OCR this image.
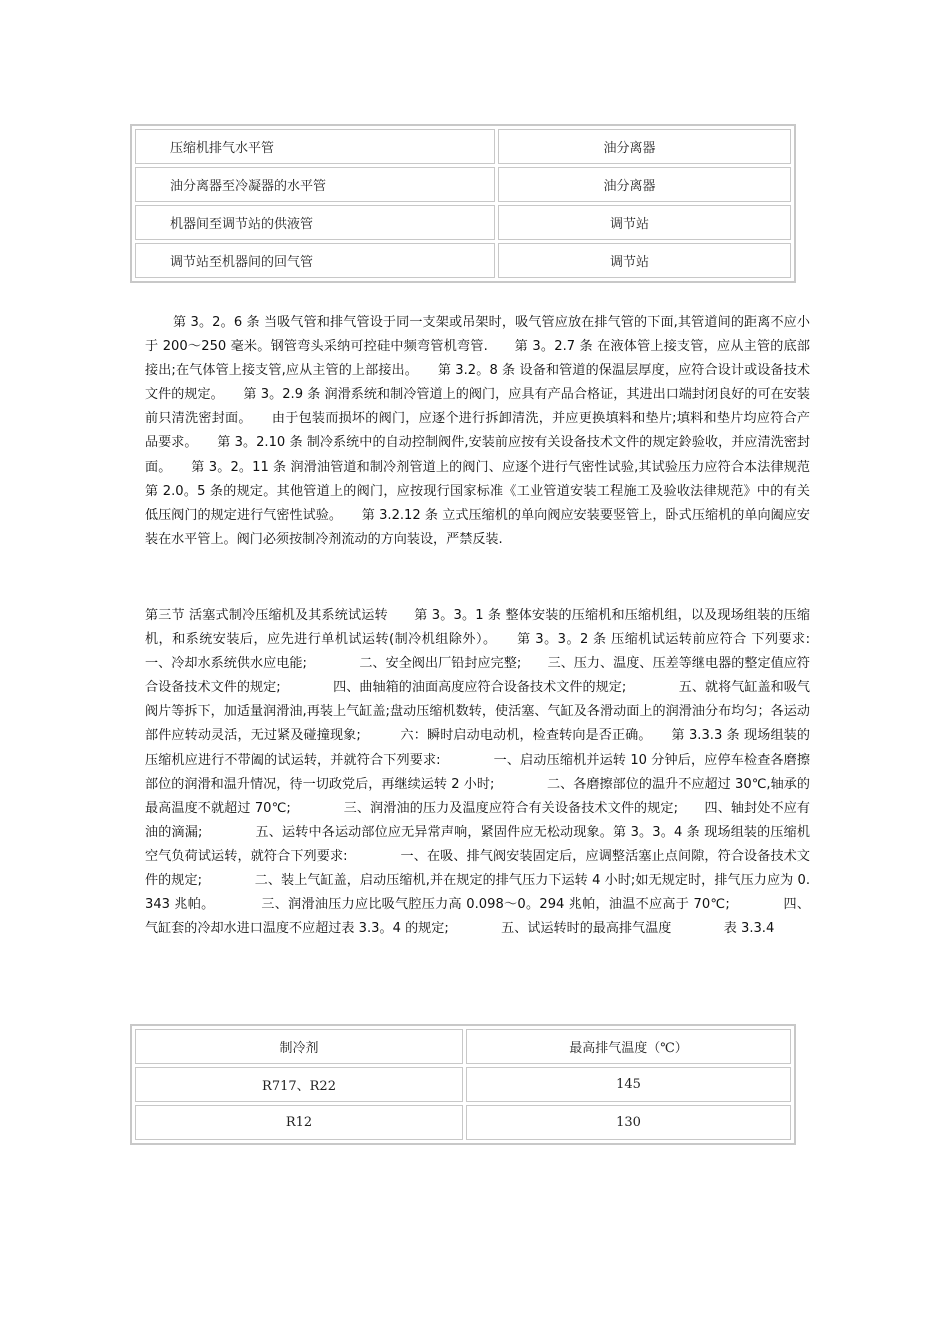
压缩机排气水平管	油分离器
油分离器至冷凝器的水平管	油分离器
机器间至调节站的供液管	调节站
调节站至机器间的回气管	调节站
第 3。2。6 条 当吸气管和排气管设于同一支架或吊架时，吸气管应放在排气管的下面,其管道间的距离不应小于 200～250 毫米。钢管弯头采纳可控硅中频弯管机弯管.　　第 3。2.7 条 在液体管上接支管，应从主管的底部接出;在气体管上接支管,应从主管的上部接出。　　第 3.2。8 条 设备和管道的保温层厚度，应符合设计或设备技术文件的规定。　　第 3。2.9 条 润滑系统和制冷管道上的阀门，应具有产品合格证，其进出口端封闭良好的可在安装前只清洗密封面。　　由于包装而损坏的阀门，应逐个进行拆卸清洗，并应更换填料和垫片;填料和垫片均应符合产品要求。　　第 3。2.10 条 制冷系统中的自动控制阀件,安装前应按有关设备技术文件的规定鈴验收，并应清洗密封面。　　第 3。2。11 条 润滑油管道和制冷剂管道上的阀门、应逐个进行气密性试验,其试验压力应符合本法律规范第 2.0。5 条的规定。其他管道上的阀门，应按现行国家标准《工业管道安装工程施工及验收法律规范》中的有关低压阀门的规定进行气密性试验。　　第 3.2.12 条 立式压缩机的单向阀应安装要竖管上，卧式压缩机的单向阖应安装在水平管上。阀门必须按制冷剂流动的方向装设，严禁反装.
第三节 活塞式制冷压缩机及其系统试运转　　第 3。3。1 条 整体安装的压缩机和压缩机组，以及现场组装的压缩机，和系统安装后，应先进行单机试运转(制冷机组除外）。　　第 3。3。2 条 压缩机试运转前应符合 下列要求:　　　　一、冷却水系统供水应电能;　　　　二、安全阀出厂铅封应完整;　　三、压力、温度、压差等继电器的整定值应符合设备技术文件的规定;　　　　四、曲轴箱的油面高度应符合设备技术文件的规定;　　　　五、就将气缸盖和吸气阀片等拆下，加适量润滑油,再装上气缸盖;盘动压缩机数转，使活塞、气缸及各滑动面上的润滑油分布均匀；各运动部件应转动灵活，无过紧及碰撞现象;　　　六：瞬时启动电动机，检查转向是否正确。　　第 3.3.3 条 现场组装的压缩机应进行不带阖的试运转，并就符合下列要求:　　　　一、启动压缩机并运转 10 分钟后，应停车检查各磨擦部位的润滑和温升情况，待一切政党后，再继续运转 2 小时;　　　　二、各磨擦部位的温升不应超过 30℃,轴承的最高温度不就超过 70℃;　　　　三、润滑油的压力及温度应符合有关设备技术文件的规定;　　四、轴封处不应有油的滴漏;　　　　五、运转中各运动部位应无异常声响，紧固件应无松动现象。第 3。3。4 条 现场组装的压缩机空气负荷试运转，就符合下列要求:　　　　一、在吸、排气阀安装固定后，应调整活塞止点间隙，符合设备技术文件的规定;　　　　二、装上气缸盖，启动压缩机,并在规定的排气压力下运转 4 小时;如无规定时，排气压力应为 0.343 兆帕。　　　　三、润滑油压力应比吸气腔压力高 0.098～0。294 兆帕，油温不应高于 70℃;　　　　四、气缸套的冷却水进口温度不应超过表 3.3。4 的规定;　　　　五、试运转时的最高排气温度　　　　表 3.3.4
制冷剂	最高排气温度（℃）
R717、R22	145
R12	130
